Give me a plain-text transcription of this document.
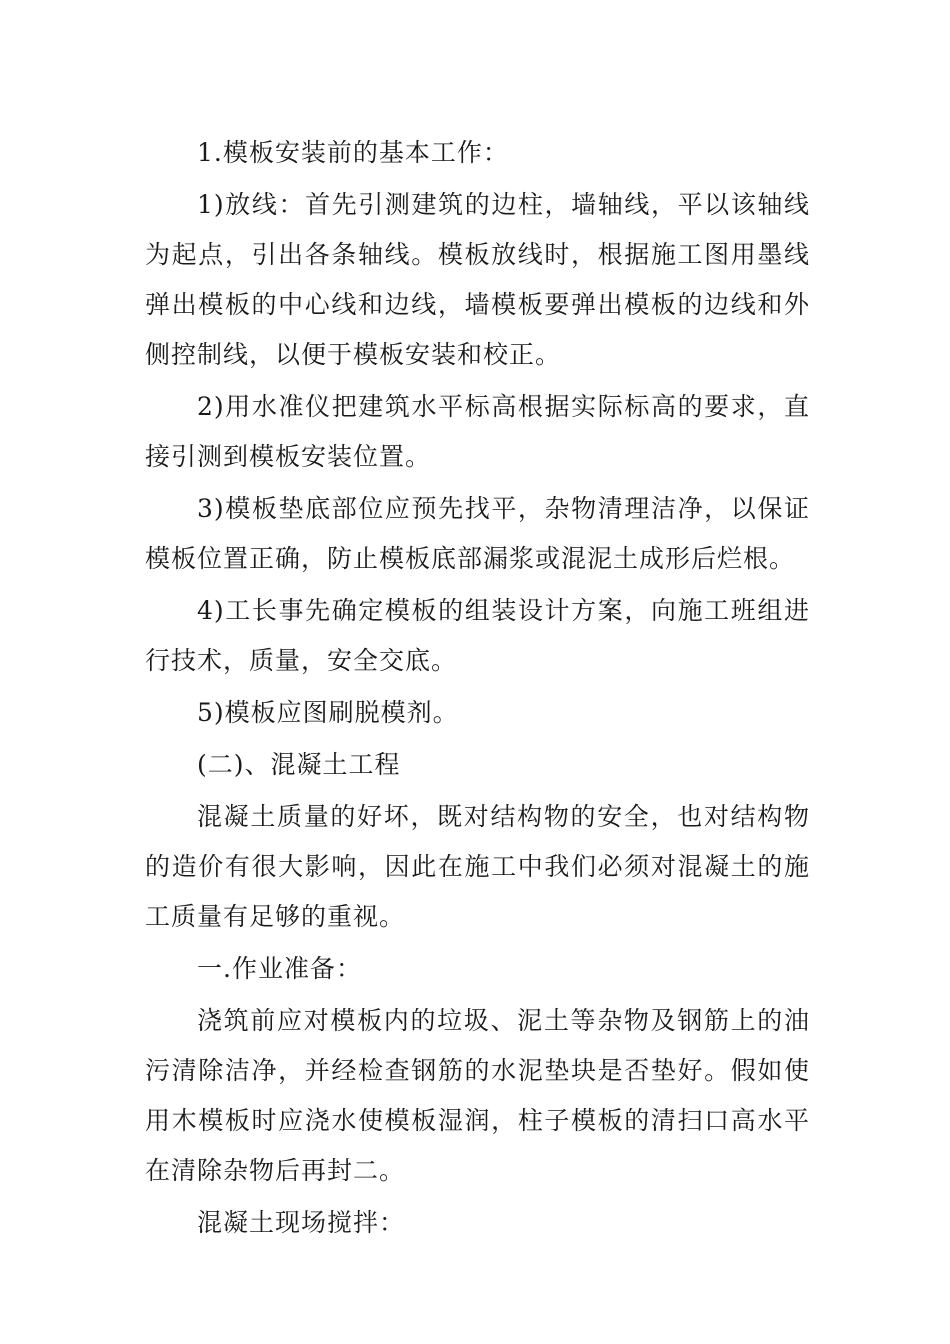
1.模板安装前的基本工作：

1)放线：首先引测建筑的边柱，墙轴线，平以该轴线为起点，引出各条轴线。模板放线时，根据施工图用墨线弹出模板的中心线和边线，墙模板要弹出模板的边线和外侧控制线，以便于模板安装和校正。

2)用水准仪把建筑水平标高根据实际标高的要求，直接引测到模板安装位置。

3)模板垫底部位应预先找平，杂物清理洁净，以保证模板位置正确，防止模板底部漏浆或混泥土成形后烂根。

4)工长事先确定模板的组装设计方案，向施工班组进行技术，质量，安全交底。

5)模板应图刷脱模剂。

(二)、混凝土工程

混凝土质量的好坏，既对结构物的安全，也对结构物的造价有很大影响，因此在施工中我们必须对混凝土的施工质量有足够的重视。

一.作业准备：

浇筑前应对模板内的垃圾、泥土等杂物及钢筋上的油污清除洁净，并经检查钢筋的水泥垫块是否垫好。假如使用木模板时应浇水使模板湿润，柱子模板的清扫口高水平在清除杂物后再封二。

混凝土现场搅拌：
